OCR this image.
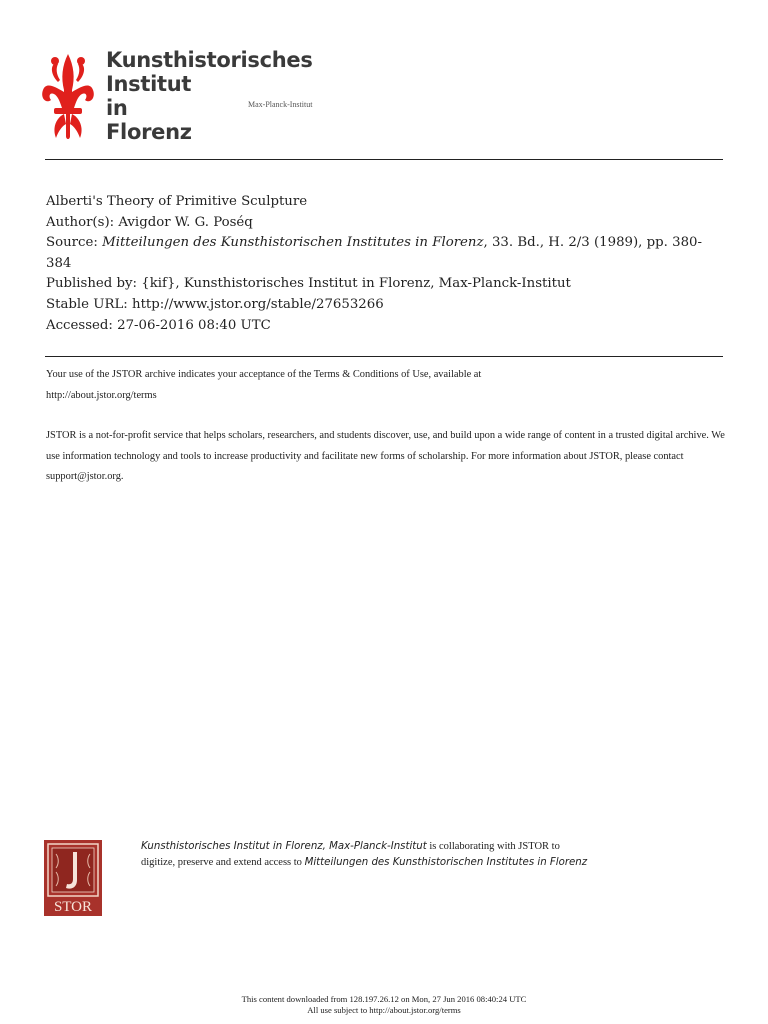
Kunsthistorisches
Institut
in
Florenz
Max-Planck-Institut
Alberti's Theory of Primitive Sculpture
Author(s): Avigdor W. G. Poséq
Source: Mitteilungen des Kunsthistorischen Institutes in Florenz, 33. Bd., H. 2/3 (1989), pp. 380-384
Published by: {kif}, Kunsthistorisches Institut in Florenz, Max-Planck-Institut
Stable URL: http://www.jstor.org/stable/27653266
Accessed: 27-06-2016 08:40 UTC

Your use of the JSTOR archive indicates your acceptance of the Terms & Conditions of Use, available at

http://about.jstor.org/terms

JSTOR is a not-for-profit service that helps scholars, researchers, and students discover, use, and build upon a wide range of content in a trusted digital archive. We use information technology and tools to increase productivity and facilitate new forms of scholarship. For more information about JSTOR, please contact support@jstor.org.

STOR
Kunsthistorisches Institut in Florenz, Max-Planck-Institut is collaborating with JSTOR to
digitize, preserve and extend access to Mitteilungen des Kunsthistorischen Institutes in Florenz
This content downloaded from 128.197.26.12 on Mon, 27 Jun 2016 08:40:24 UTC
All use subject to http://about.jstor.org/terms
